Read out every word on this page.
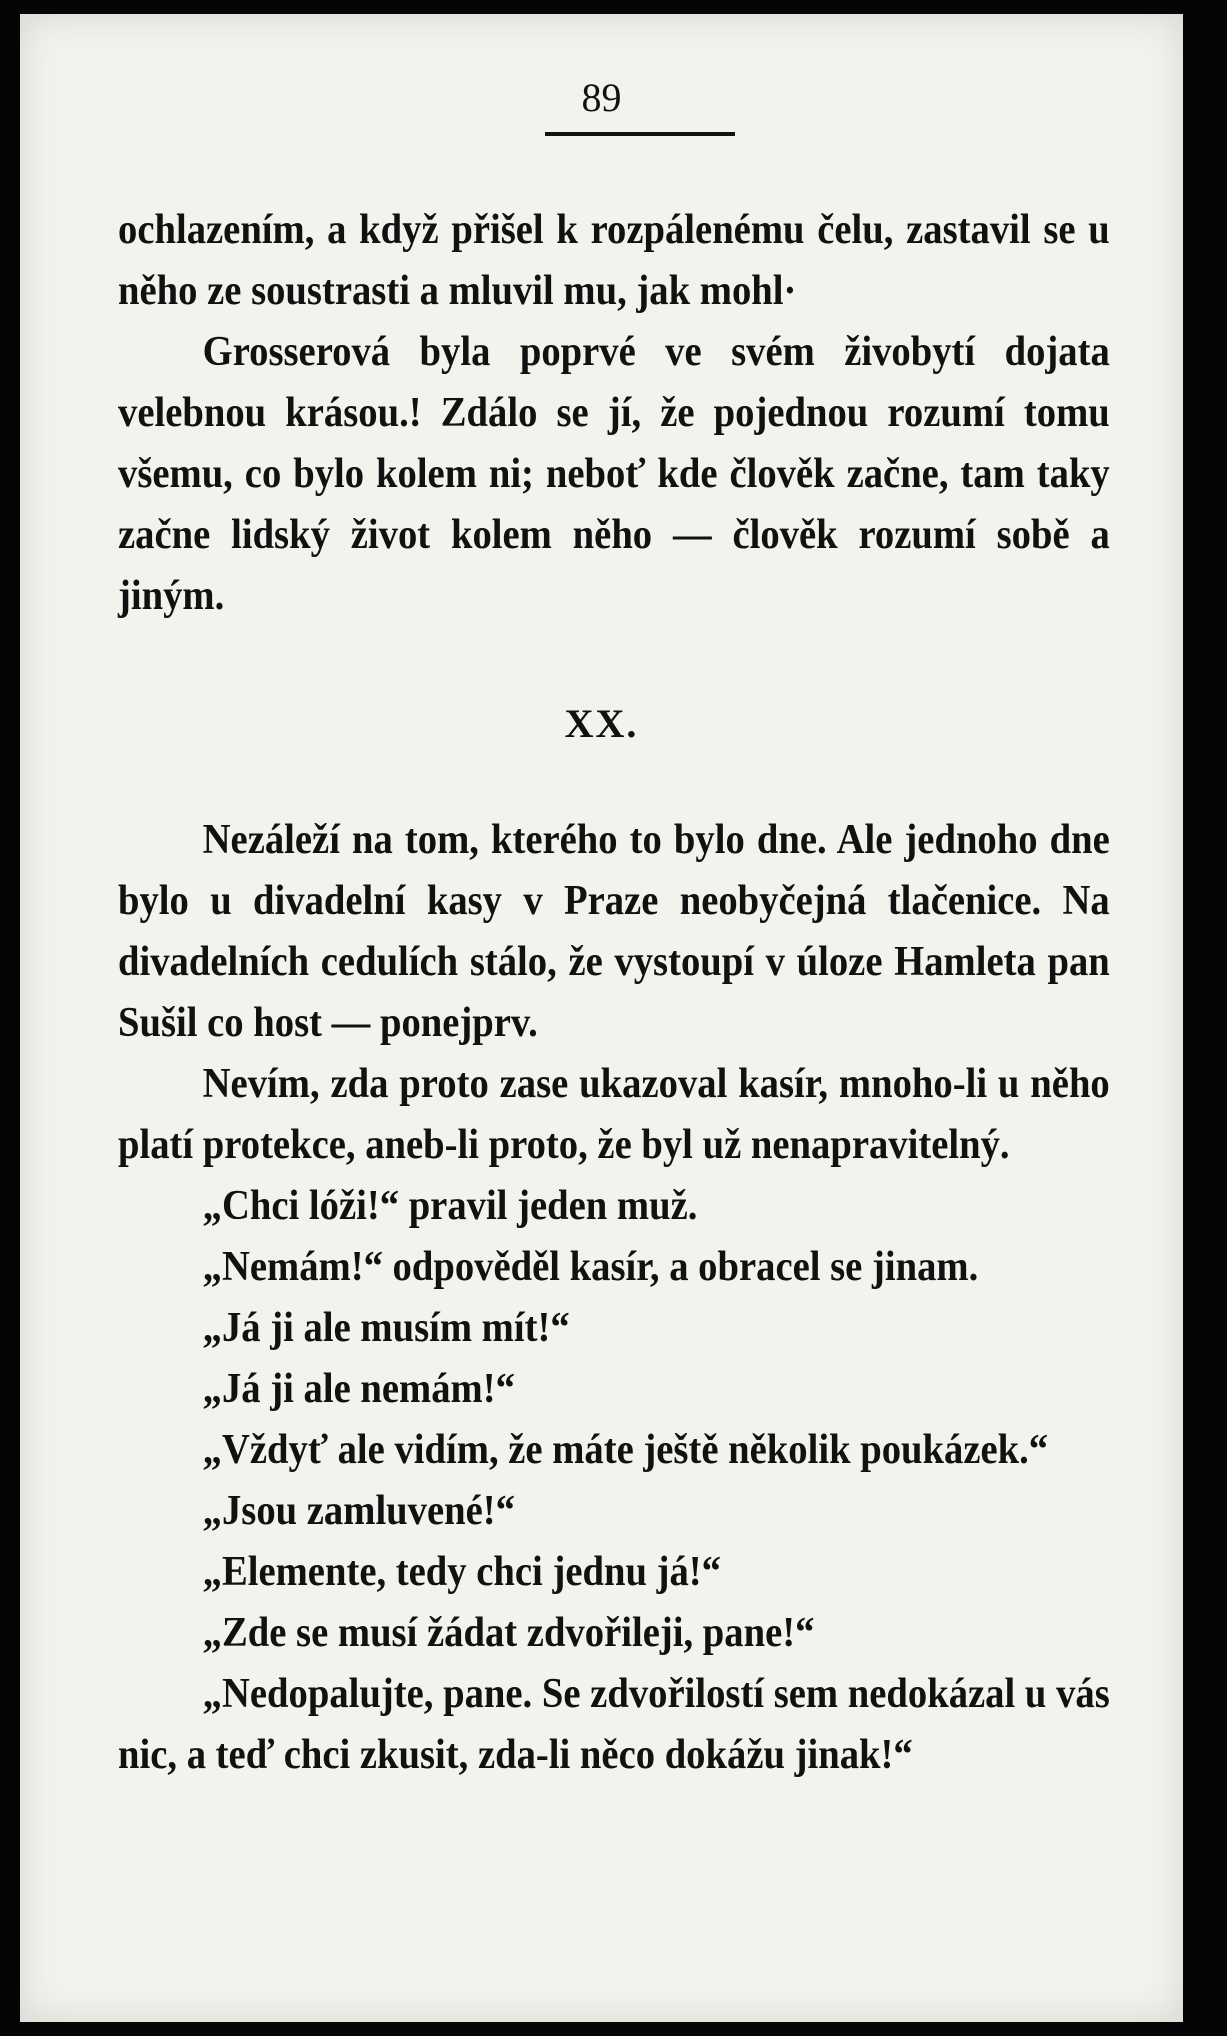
89

ochlazením, a když přišel k rozpálenému čelu, zastavil se u něho ze soustrasti a mluvil mu, jak mohl·

Grosserová byla poprvé ve svém živobytí dojata velebnou krásou.! Zdálo se jí, že pojednou rozumí tomu všemu, co bylo kolem ni; neboť kde člověk začne, tam taky začne lidský život kolem něho — člověk rozumí sobě a jiným.

XX.

Nezáleží na tom, kterého to bylo dne. Ale jednoho dne bylo u divadelní kasy v Praze neobyčejná tlačenice. Na divadelních cedulích stálo, že vystoupí v úloze Hamleta pan Sušil co host — ponejprv.

Nevím, zda proto zase ukazoval kasír, mnoho-li u něho platí protekce, aneb-li proto, že byl už nenapravitelný.

„Chci lóži!“ pravil jeden muž.

„Nemám!“ odpověděl kasír, a obracel se jinam.

„Já ji ale musím mít!“

„Já ji ale nemám!“

„Vždyť ale vidím, že máte ještě několik poukázek.“

„Jsou zamluvené!“

„Elemente, tedy chci jednu já!“

„Zde se musí žádat zdvořileji, pane!“

„Nedopalujte, pane. Se zdvořilostí sem nedokázal u vás nic, a teď chci zkusit, zda-li něco dokážu jinak!“
